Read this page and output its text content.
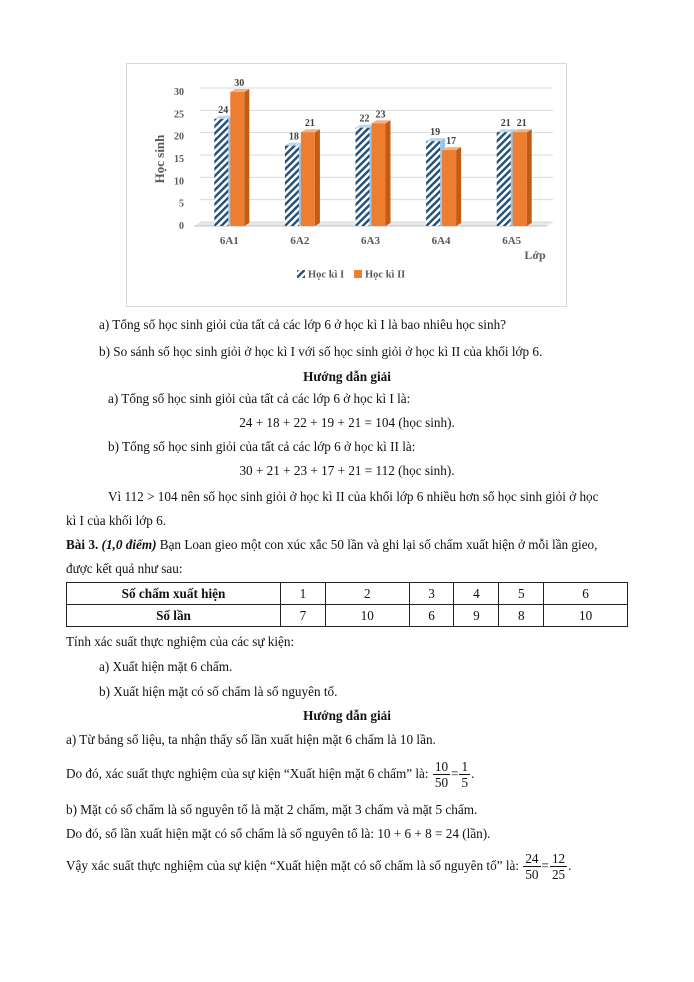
Học sinh
Lớp
0
5
10
15
20
25
30
6A1
24
30
6A2
18
21
6A3
22 23
6A4
19
17
6A5
21 21
Học kì I Học kì II
a) Tổng số học sinh giỏi của tất cả các lớp 6 ở học kì I là bao nhiêu học sinh?
b) So sánh số học sinh giỏi ở học kì I với số học sinh giỏi ở học kì II của khối lớp 6.
Hướng dẫn giải
a) Tổng số học sinh giỏi của tất cả các lớp 6 ở học kì I là:
24 + 18 + 22 + 19 + 21 = 104 (học sinh).
b) Tổng số học sinh giỏi của tất cả các lớp 6 ở học kì II là:
30 + 21 + 23 + 17 + 21 = 112 (học sinh).
Vì 112 > 104 nên số học sinh giỏi ở học kì II của khối lớp 6 nhiều hơn số học sinh giỏi ở học
kì I của khối lớp 6.
Bài 3. (1,0 điểm) Bạn Loan gieo một con xúc xắc 50 lần và ghi lại số chấm xuất hiện ở mỗi lần gieo,
được kết quả như sau:
Số chấm xuất hiện	1	2	3	4	5	6
Số lần	7	10	6	9	8	10
Tính xác suất thực nghiệm của các sự kiện:
a) Xuất hiện mặt 6 chấm.
b) Xuất hiện mặt có số chấm là số nguyên tố.
Hướng dẫn giải
a) Từ bảng số liệu, ta nhận thấy số lần xuất hiện mặt 6 chấm là 10 lần.
Do đó, xác suất thực nghiệm của sự kiện “Xuất hiện mặt 6 chấm” là: $\frac{10}{50} = \frac{1}{5}$ .
b) Mặt có số chấm là số nguyên tố là mặt 2 chấm, mặt 3 chấm và mặt 5 chấm.
Do đó, số lần xuất hiện mặt có số chấm là số nguyên tố là: 10 + 6 + 8 = 24 (lần).
Vậy xác suất thực nghiệm của sự kiện “Xuất hiện mặt có số chấm là số nguyên tố” là: $\frac{24}{50} = \frac{12}{25}$ .
